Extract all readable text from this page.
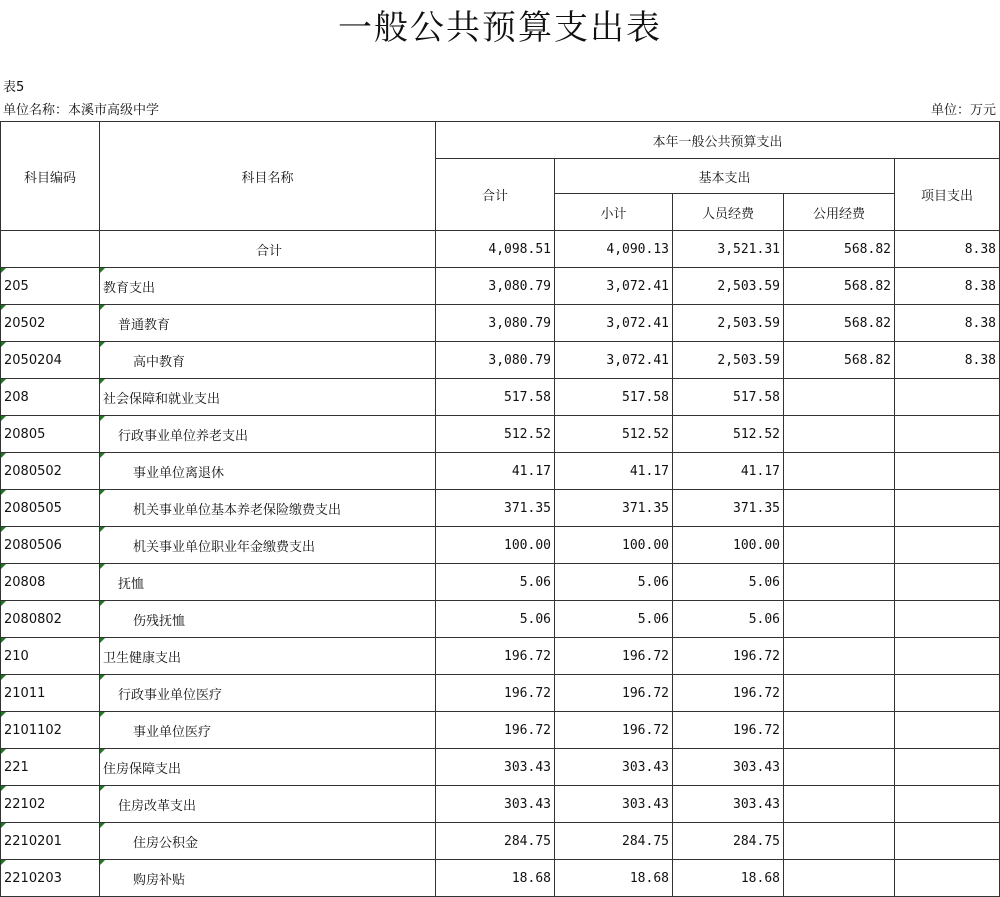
一般公共预算支出表
表5
单位名称：本溪市高级中学	单位：万元
科目编码	科目名称	本年一般公共预算支出				
		合计	基本支出			项目支出
			小计	人员经费	公用经费	
	合计	4,098.51	4,090.13	3,521.31	568.82	8.38
205	教育支出	3,080.79	3,072.41	2,503.59	568.82	8.38
20502	普通教育	3,080.79	3,072.41	2,503.59	568.82	8.38
2050204	高中教育	3,080.79	3,072.41	2,503.59	568.82	8.38
208	社会保障和就业支出	517.58	517.58	517.58		
20805	行政事业单位养老支出	512.52	512.52	512.52		
2080502	事业单位离退休	41.17	41.17	41.17		
2080505	机关事业单位基本养老保险缴费支出	371.35	371.35	371.35		
2080506	机关事业单位职业年金缴费支出	100.00	100.00	100.00		
20808	抚恤	5.06	5.06	5.06		
2080802	伤残抚恤	5.06	5.06	5.06		
210	卫生健康支出	196.72	196.72	196.72		
21011	行政事业单位医疗	196.72	196.72	196.72		
2101102	事业单位医疗	196.72	196.72	196.72		
221	住房保障支出	303.43	303.43	303.43		
22102	住房改革支出	303.43	303.43	303.43		
2210201	住房公积金	284.75	284.75	284.75		
2210203	购房补贴	18.68	18.68	18.68		
